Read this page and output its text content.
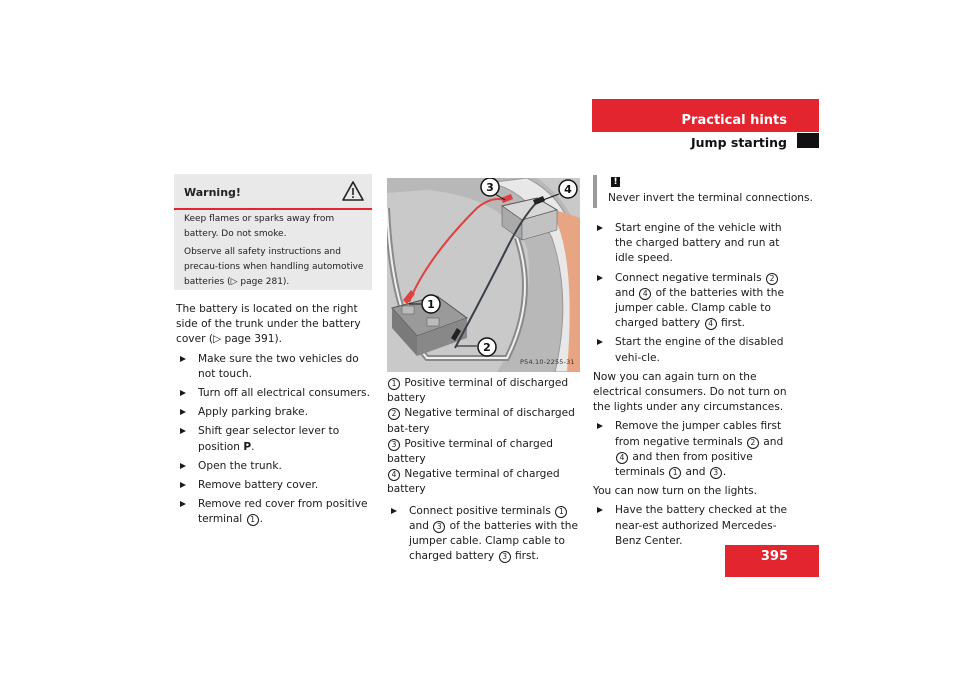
Practical hints
Jump starting
Warning!

Keep flames or sparks away from battery. Do not smoke.

Observe all safety instructions and precau-tions when handling automotive batteries (▷ page 281).

The battery is located on the right side of the trunk under the battery cover (▷ page 391).

Make sure the two vehicles do not touch.

Turn off all electrical consumers.

Apply parking brake.

Shift gear selector lever to position P.

Open the trunk.

Remove battery cover.

Remove red cover from positive terminal 1 .

1
2
3	4
P54.10-2255-31

1 Positive terminal of discharged battery

2 Negative terminal of discharged bat-tery

3 Positive terminal of charged battery

4 Negative terminal of charged battery

Connect positive terminals 1 and 3 of the batteries with the jumper cable. Clamp cable to charged battery 3 first.

!
Never invert the terminal connections.

Start engine of the vehicle with the charged battery and run at idle speed.

Connect negative terminals 2 and 4 of the batteries with the jumper cable. Clamp cable to charged battery 4 first.

Start the engine of the disabled vehi-cle.

Now you can again turn on the electrical consumers. Do not turn on the lights under any circumstances.

Remove the jumper cables first from negative terminals 2 and 4 and then from positive terminals 1 and 3 .

You can now turn on the lights.

Have the battery checked at the near-est authorized Mercedes-Benz Center.

395
